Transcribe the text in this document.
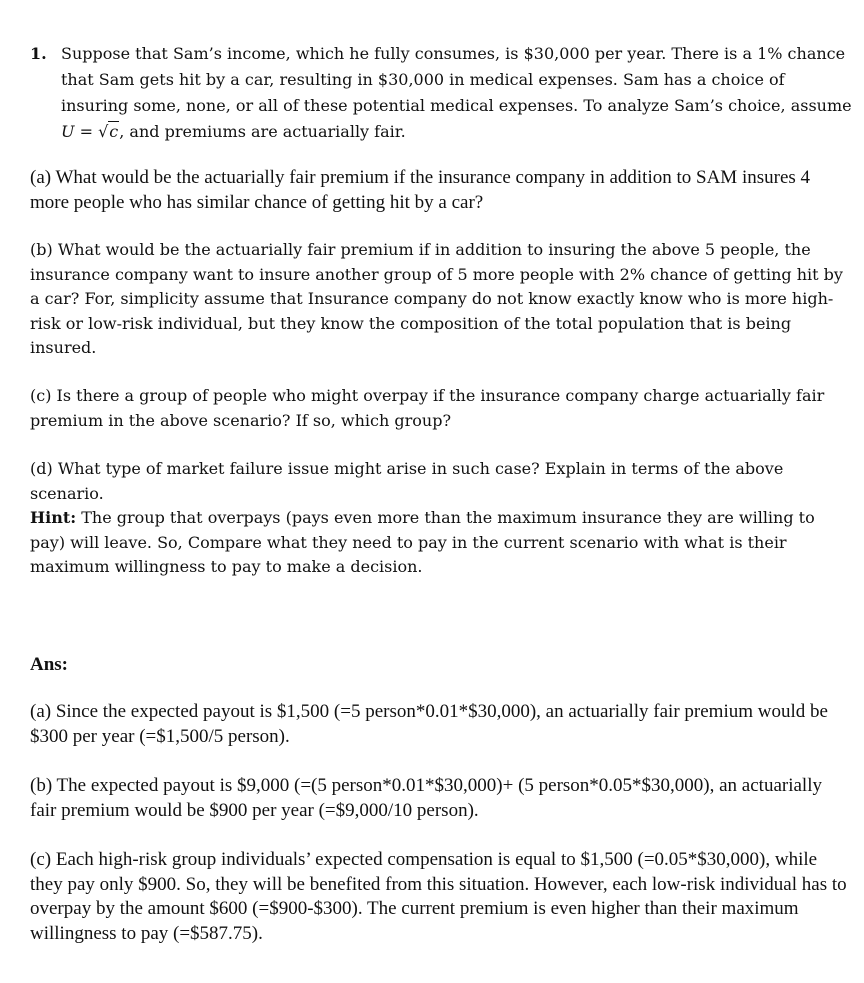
1. Suppose that Sam’s income, which he fully consumes, is $30,000 per year. There is a 1% chance that Sam gets hit by a car, resulting in $30,000 in medical expenses. Sam has a choice of insuring some, none, or all of these potential medical expenses. To analyze Sam’s choice, assume U = √c, and premiums are actuarially fair.
(a) What would be the actuarially fair premium if the insurance company in addition to SAM insures 4 more people who has similar chance of getting hit by a car?
(b) What would be the actuarially fair premium if in addition to insuring the above 5 people, the insurance company want to insure another group of 5 more people with 2% chance of getting hit by a car? For, simplicity assume that Insurance company do not know exactly know who is more high-risk or low-risk individual, but they know the composition of the total population that is being insured.
(c) Is there a group of people who might overpay if the insurance company charge actuarially fair premium in the above scenario? If so, which group?
(d) What type of market failure issue might arise in such case? Explain in terms of the above scenario.
Hint: The group that overpays (pays even more than the maximum insurance they are willing to pay) will leave. So, Compare what they need to pay in the current scenario with what is their maximum willingness to pay to make a decision.
Ans:
(a) Since the expected payout is $1,500 (=5 person*0.01*$30,000), an actuarially fair premium would be $300 per year (=$1,500/5 person).
(b) The expected payout is $9,000 (=(5 person*0.01*$30,000)+ (5 person*0.05*$30,000), an actuarially fair premium would be $900 per year (=$9,000/10 person).
(c) Each high-risk group individuals’ expected compensation is equal to $1,500 (=0.05*$30,000), while they pay only $900. So, they will be benefited from this situation. However, each low-risk individual has to overpay by the amount $600 (=$900-$300). The current premium is even higher than their maximum willingness to pay (=$587.75).
